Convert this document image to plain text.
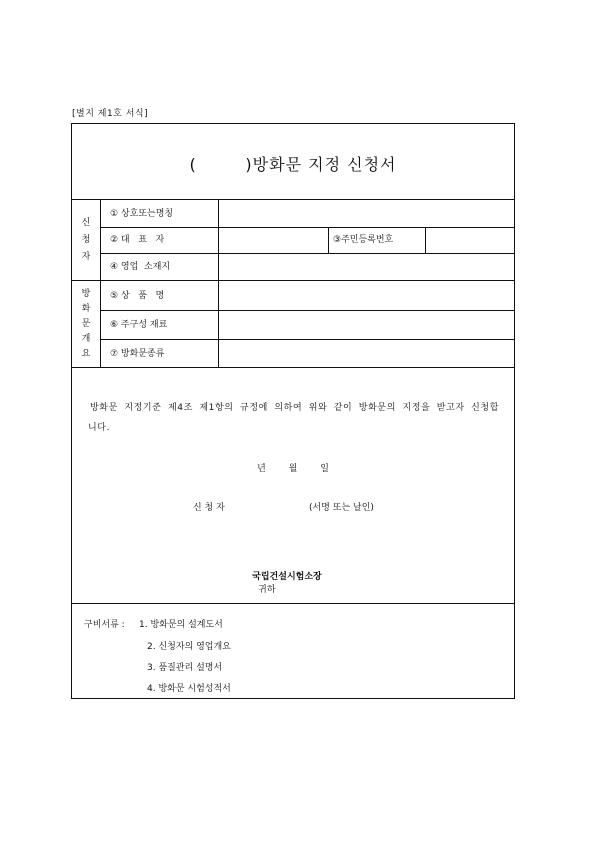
[별지 제1호 서식]
(        )방화문 지정 신청서
신
청
자
방
화
문
개
요
① 상호또는명칭
② 대   표   자	③주민등록번호
④ 영업  소재지
⑤ 상   품   명
⑥ 주구성 재료
⑦ 방화문종류
방화문 지정기준 제4조 제1항의 규정에 의하여 위와 같이 방화문의 지정을 받고자 신청합니다.
년        월        일
신 청 자	(서명 또는 날인)

국립건설시험소장
귀하

구비서류 : 1. 방화문의 설계도서
2. 신청자의 영업개요
3. 품질관리 설명서
4. 방화문 시험성적서
